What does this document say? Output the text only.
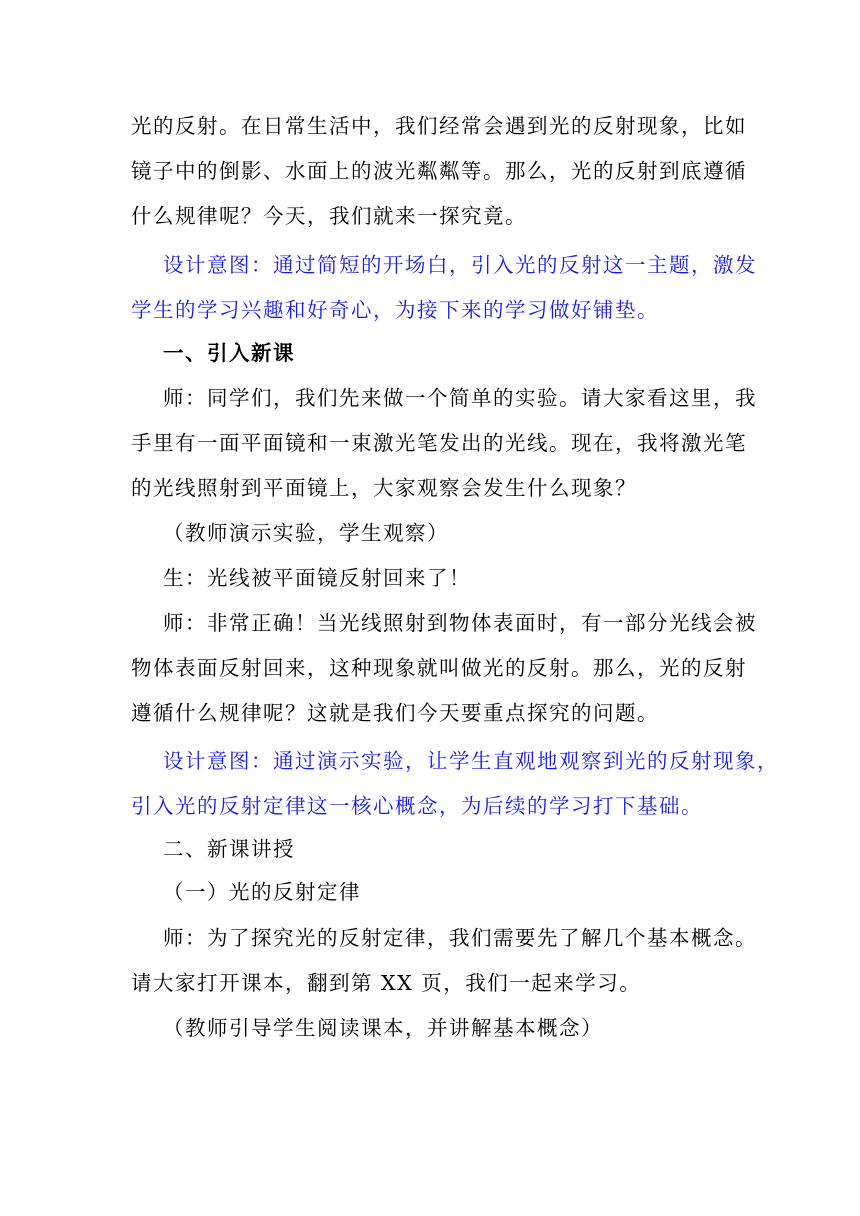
光的反射。在日常生活中，我们经常会遇到光的反射现象，比如
镜子中的倒影、水面上的波光粼粼等。那么，光的反射到底遵循
什么规律呢？今天，我们就来一探究竟。
设计意图：通过简短的开场白，引入光的反射这一主题，激发
学生的学习兴趣和好奇心，为接下来的学习做好铺垫。
一、引入新课
师：同学们，我们先来做一个简单的实验。请大家看这里，我
手里有一面平面镜和一束激光笔发出的光线。现在，我将激光笔
的光线照射到平面镜上，大家观察会发生什么现象？
（教师演示实验，学生观察）
生：光线被平面镜反射回来了！
师：非常正确！当光线照射到物体表面时，有一部分光线会被
物体表面反射回来，这种现象就叫做光的反射。那么，光的反射
遵循什么规律呢？这就是我们今天要重点探究的问题。
设计意图：通过演示实验，让学生直观地观察到光的反射现象，
引入光的反射定律这一核心概念，为后续的学习打下基础。
二、新课讲授
（一）光的反射定律
师：为了探究光的反射定律，我们需要先了解几个基本概念。
请大家打开课本，翻到第 XX 页，我们一起来学习。
（教师引导学生阅读课本，并讲解基本概念）
